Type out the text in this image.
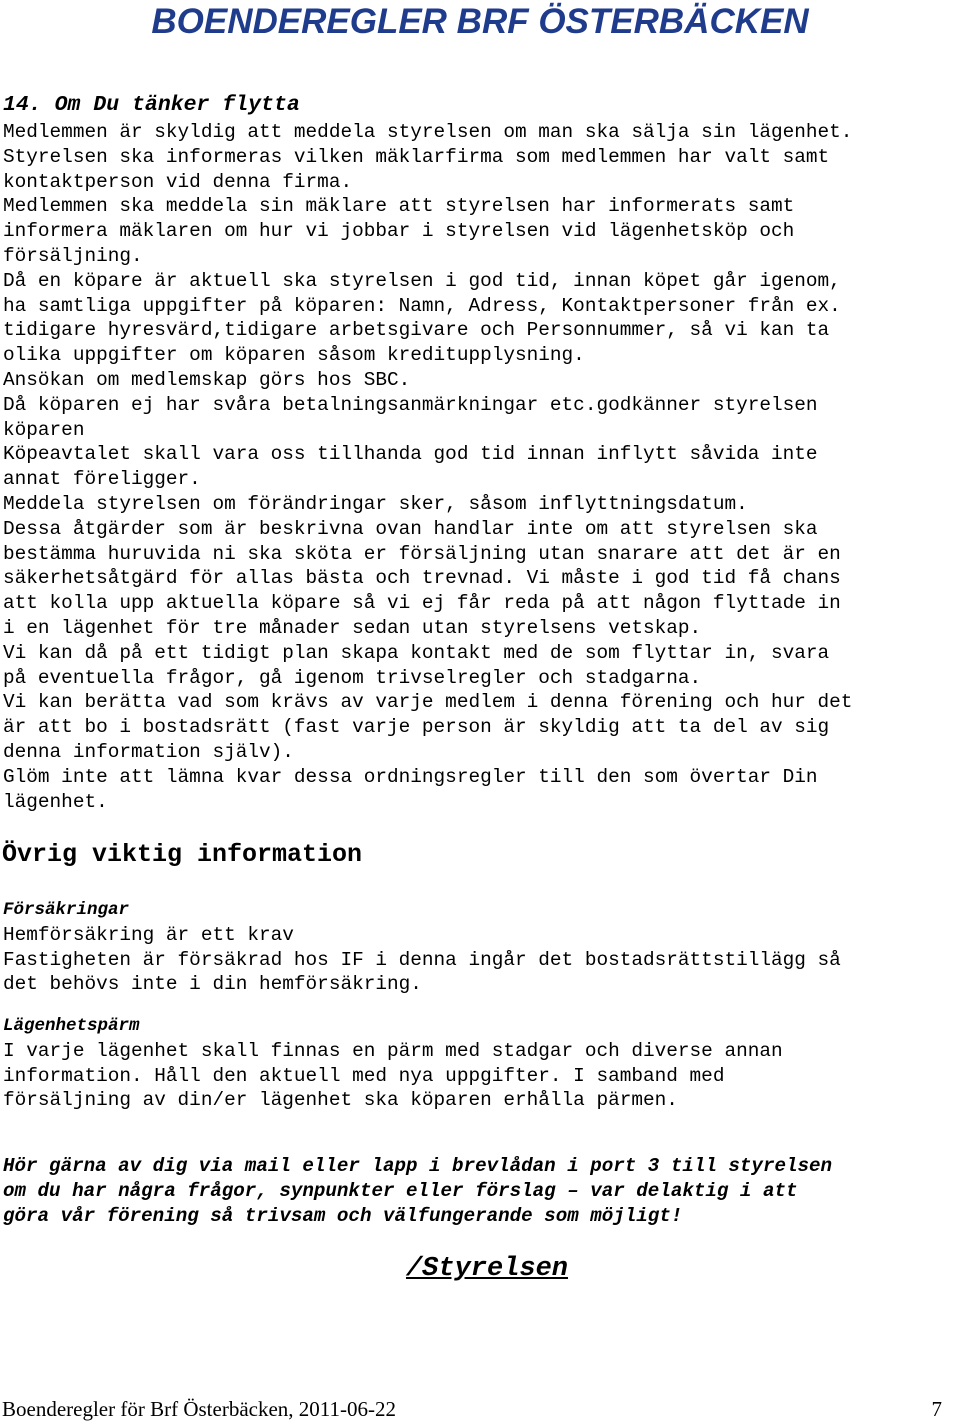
BOENDEREGLER BRF ÖSTERBÄCKEN
14. Om Du tänker flytta
Medlemmen är skyldig att meddela styrelsen om man ska sälja sin lägenhet.
Styrelsen ska informeras vilken mäklarfirma som medlemmen har valt samt
kontaktperson vid denna firma.
Medlemmen ska meddela sin mäklare att styrelsen har informerats samt
informera mäklaren om hur vi jobbar i styrelsen vid lägenhetsköp och
försäljning.
Då en köpare är aktuell ska styrelsen i god tid, innan köpet går igenom,
ha samtliga uppgifter på köparen: Namn, Adress, Kontaktpersoner från ex.
tidigare hyresvärd,tidigare arbetsgivare och Personnummer, så vi kan ta
olika uppgifter om köparen såsom kreditupplysning.
Ansökan om medlemskap görs hos SBC.
Då köparen ej har svåra betalningsanmärkningar etc.godkänner styrelsen
köparen
Köpeavtalet skall vara oss tillhanda god tid innan inflytt såvida inte
annat föreligger.
Meddela styrelsen om förändringar sker, såsom inflyttningsdatum.
Dessa åtgärder som är beskrivna ovan handlar inte om att styrelsen ska
bestämma huruvida ni ska sköta er försäljning utan snarare att det är en
säkerhetsåtgärd för allas bästa och trevnad. Vi måste i god tid få chans
att kolla upp aktuella köpare så vi ej får reda på att någon flyttade in
i en lägenhet för tre månader sedan utan styrelsens vetskap.
Vi kan då på ett tidigt plan skapa kontakt med de som flyttar in, svara
på eventuella frågor, gå igenom trivselregler och stadgarna.
Vi kan berätta vad som krävs av varje medlem i denna förening och hur det
är att bo i bostadsrätt (fast varje person är skyldig att ta del av sig
denna information själv).
Glöm inte att lämna kvar dessa ordningsregler till den som övertar Din
lägenhet.
Övrig viktig information
Försäkringar
Hemförsäkring är ett krav
Fastigheten är försäkrad hos IF i denna ingår det bostadsrättstillägg så
det behövs inte i din hemförsäkring.
Lägenhetspärm
I varje lägenhet skall finnas en pärm med stadgar och diverse annan
information. Håll den aktuell med nya uppgifter. I samband med
försäljning av din/er lägenhet ska köparen erhålla pärmen.
Hör gärna av dig via mail eller lapp i brevlådan i port 3 till styrelsen
om du har några frågor, synpunkter eller förslag – var delaktig i att
göra vår förening så trivsam och välfungerande som möjligt!
/Styrelsen
Boenderegler för Brf Österbäcken, 2011-06-22	7
